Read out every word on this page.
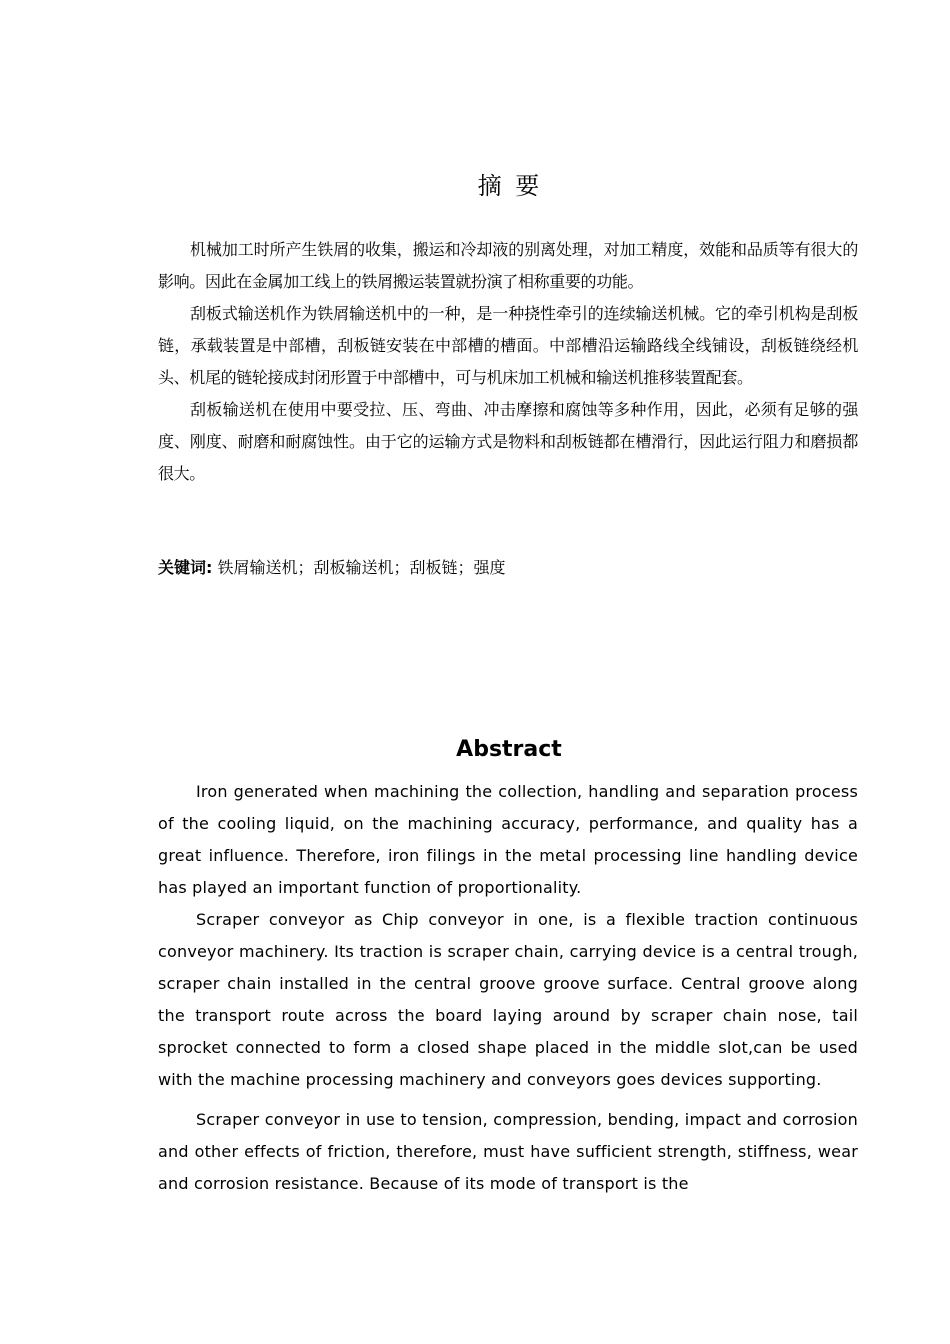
摘 要

机械加工时所产生铁屑的收集，搬运和冷却液的别离处理，对加工精度，效能和品质等有很大的影响。因此在金属加工线上的铁屑搬运装置就扮演了相称重要的功能。

刮板式输送机作为铁屑输送机中的一种，是一种挠性牵引的连续输送机械。它的牵引机构是刮板链，承载装置是中部槽，刮板链安装在中部槽的槽面。中部槽沿运输路线全线铺设，刮板链绕经机头、机尾的链轮接成封闭形置于中部槽中，可与机床加工机械和输送机推移装置配套。

刮板输送机在使用中要受拉、压、弯曲、冲击摩擦和腐蚀等多种作用，因此，必须有足够的强度、刚度、耐磨和耐腐蚀性。由于它的运输方式是物料和刮板链都在槽滑行，因此运行阻力和磨损都很大。

关键词: 铁屑输送机；刮板输送机；刮板链；强度

Abstract

Iron generated when machining the collection, handling and separation process of the cooling liquid, on the machining accuracy, performance, and quality has a great influence. Therefore, iron filings in the metal processing line handling device has played an important function of proportionality.

Scraper conveyor as Chip conveyor in one, is a flexible traction continuous conveyor machinery. Its traction is scraper chain, carrying device is a central trough, scraper chain installed in the central groove groove surface. Central groove along the transport route across the board laying around by scraper chain nose, tail sprocket connected to form a closed shape placed in the middle slot,can be used with the machine processing machinery and conveyors goes devices supporting.

Scraper conveyor in use to tension, compression, bending, impact and corrosion and other effects of friction, therefore, must have sufficient strength, stiffness, wear and corrosion resistance. Because of its mode of transport is the
